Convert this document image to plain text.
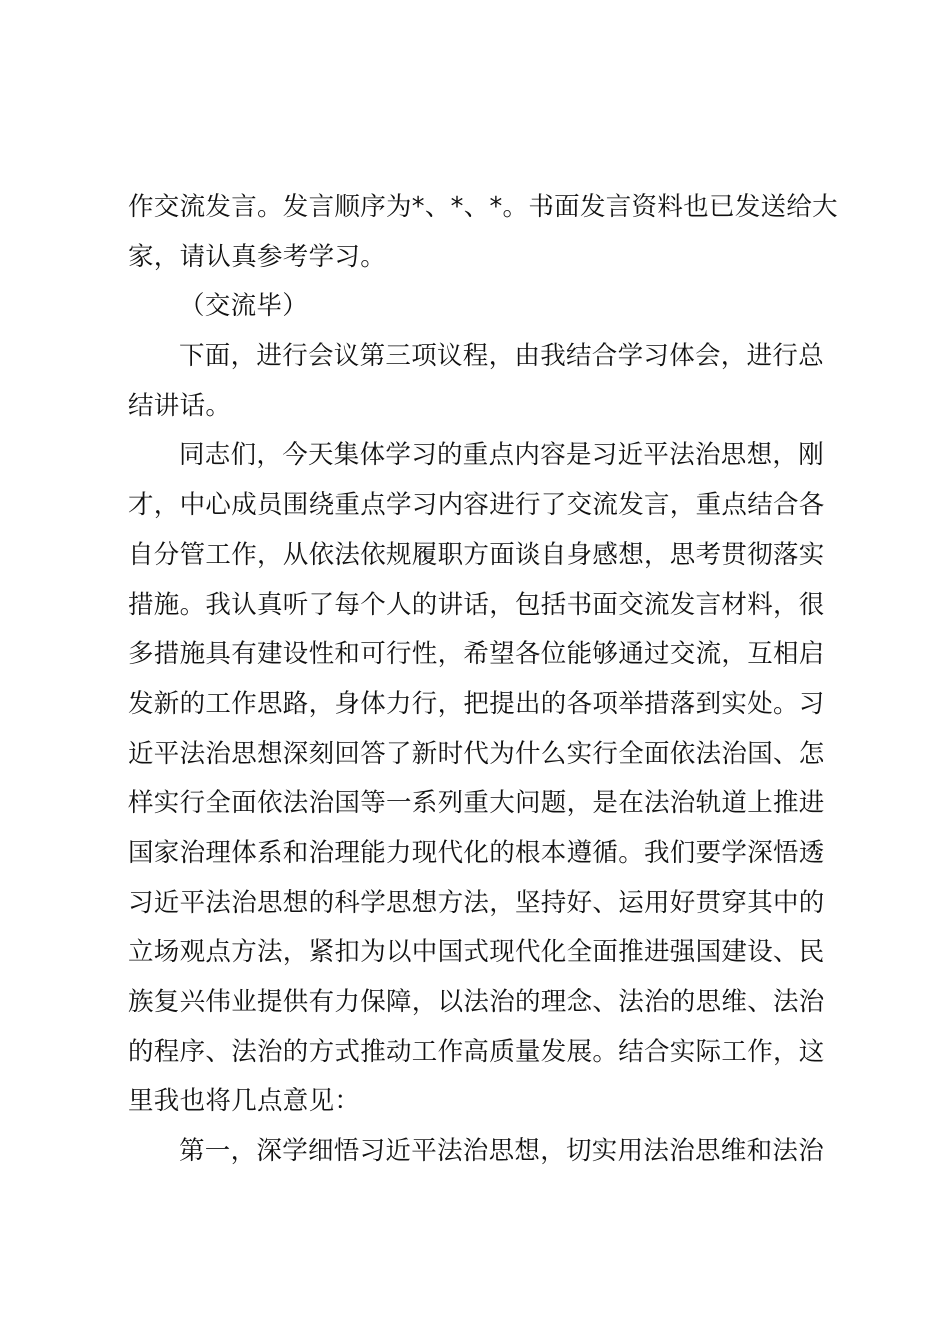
作交流发言。发言顺序为*、*、*。书面发言资料也已发送给大
家，请认真参考学习。
（交流毕）
下面，进行会议第三项议程，由我结合学习体会，进行总
结讲话。
同志们，今天集体学习的重点内容是习近平法治思想，刚
才，中心成员围绕重点学习内容进行了交流发言，重点结合各
自分管工作，从依法依规履职方面谈自身感想，思考贯彻落实
措施。我认真听了每个人的讲话，包括书面交流发言材料，很
多措施具有建设性和可行性，希望各位能够通过交流，互相启
发新的工作思路，身体力行，把提出的各项举措落到实处。习
近平法治思想深刻回答了新时代为什么实行全面依法治国、怎
样实行全面依法治国等一系列重大问题，是在法治轨道上推进
国家治理体系和治理能力现代化的根本遵循。我们要学深悟透
习近平法治思想的科学思想方法，坚持好、运用好贯穿其中的
立场观点方法，紧扣为以中国式现代化全面推进强国建设、民
族复兴伟业提供有力保障，以法治的理念、法治的思维、法治
的程序、法治的方式推动工作高质量发展。结合实际工作，这
里我也将几点意见：
第一，深学细悟习近平法治思想，切实用法治思维和法治
